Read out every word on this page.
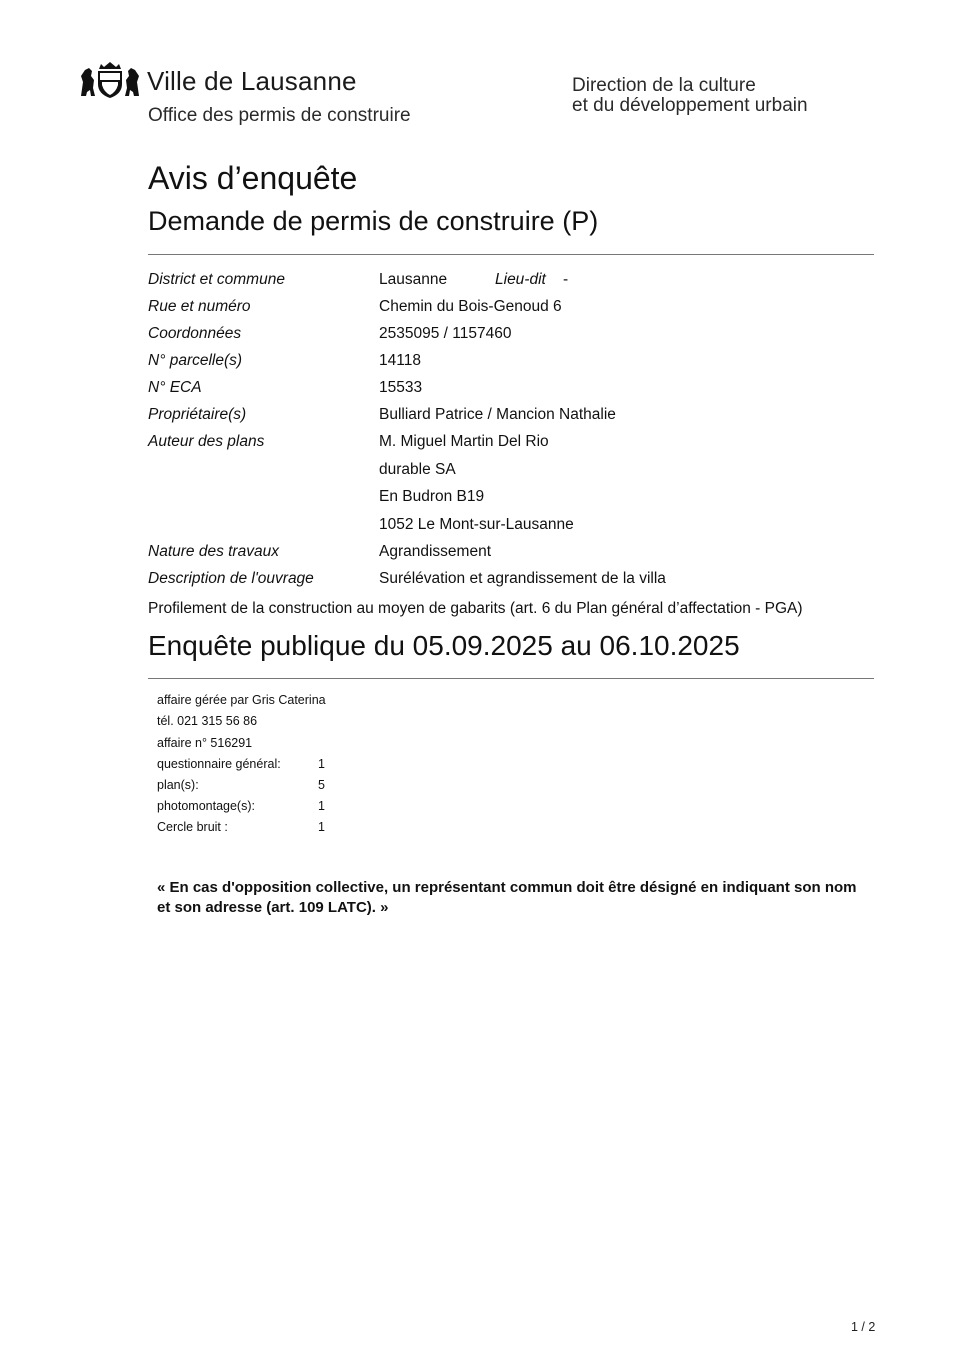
Ville de Lausanne
Office des permis de construire
Direction de la culture
et du développement urbain
Avis d’enquête
Demande de permis de construire (P)
District et commune	Lausanne	Lieu-dit -
Rue et numéro	Chemin du Bois-Genoud 6
Coordonnées	2535095 / 1157460
N° parcelle(s)	14118
N° ECA	15533
Propriétaire(s)	Bulliard Patrice / Mancion Nathalie
Auteur des plans	M. Miguel Martin Del Rio
durable SA
En Budron B19
1052 Le Mont-sur-Lausanne
Nature des travaux	Agrandissement
Description de l'ouvrage	Surélévation et agrandissement de la villa
Profilement de la construction au moyen de gabarits (art. 6 du Plan général d’affectation - PGA)
Enquête publique du 05.09.2025 au 06.10.2025
affaire gérée par Gris Caterina
tél. 021 315 56 86
affaire n° 516291
questionnaire général:	1
plan(s):	5
photomontage(s):	1
Cercle bruit :	1
« En cas d'opposition collective, un représentant commun doit être désigné en indiquant son nom et son adresse (art. 109 LATC). »
1 / 2
